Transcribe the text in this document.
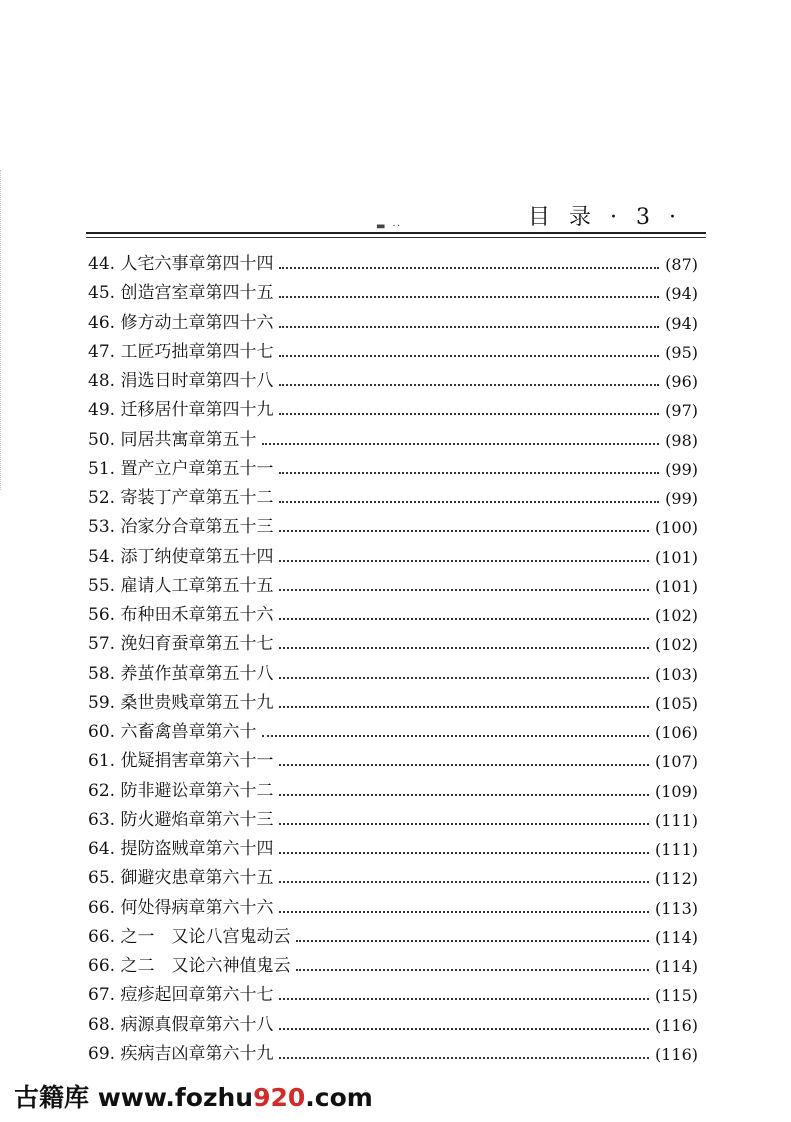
▬ ⸱⸱	目 录 · 3 ·
44. 人宅六事章第四十四	(87)
45. 创造宫室章第四十五	(94)
46. 修方动土章第四十六	(94)
47. 工匠巧拙章第四十七	(95)
48. 涓选日时章第四十八	(96)
49. 迁移居什章第四十九	(97)
50. 同居共寓章第五十	(98)
51. 置产立户章第五十一	(99)
52. 寄装丁产章第五十二	(99)
53. 冶家分合章第五十三	(100)
54. 添丁纳使章第五十四	(101)
55. 雇请人工章第五十五	(101)
56. 布种田禾章第五十六	(102)
57. 浼妇育蚕章第五十七	(102)
58. 养茧作茧章第五十八	(103)
59. 桑世贵贱章第五十九	(105)
60. 六畜禽兽章第六十	(106)
61. 优疑捐害章第六十一	(107)
62. 防非避讼章第六十二	(109)
63. 防火避焰章第六十三	(111)
64. 提防盗贼章第六十四	(111)
65. 御避灾患章第六十五	(112)
66. 何处得病章第六十六	(113)
66. 之一　又论八宫鬼动云	(114)
66. 之二　又论六神值鬼云	(114)
67. 痘疹起回章第六十七	(115)
68. 病源真假章第六十八	(116)
69. 疾病吉凶章第六十九	(116)
古籍库 www.fozhu920.com
